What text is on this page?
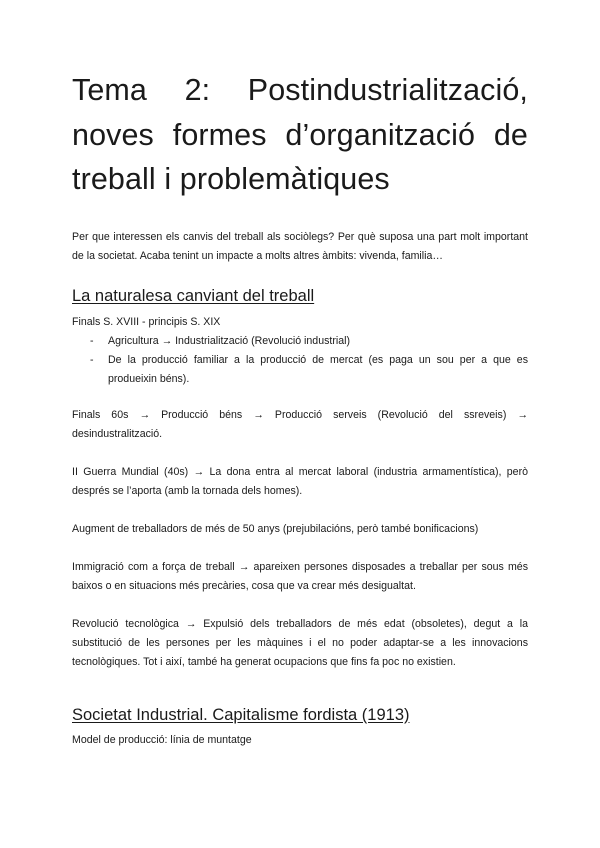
Tema 2: Postindustrialització, noves formes d’organització de treball i problemàtiques

Per que interessen els canvis del treball als sociòlegs? Per què suposa una part molt important de la societat. Acaba tenint un impacte a molts altres àmbits: vivenda, familia…

La naturalesa canviant del treball

Finals S. XVIII - principis S. XIX

- Agricultura → Industrialització (Revolució industrial)
- De la producció familiar a la producció de mercat (es paga un sou per a que es produeixin béns).

Finals 60s → Producció béns → Producció serveis (Revolució del ssreveis) → desindustralització.

II Guerra Mundial (40s) → La dona entra al mercat laboral (industria armamentística), però després se l’aporta (amb la tornada dels homes).

Augment de treballadors de més de 50 anys (prejubilacións, però també bonificacions)

Immigració com a força de treball → apareixen persones disposades a treballar per sous més baixos o en situacions més precàries, cosa que va crear més desigualtat.

Revolució tecnològica → Expulsió dels treballadors de més edat (obsoletes), degut a la substitució de les persones per les màquines i el no poder adaptar-se a les innovacions tecnològiques. Tot i així, també ha generat ocupacions que fins fa poc no existien.

Societat Industrial. Capitalisme fordista (1913)

Model de producció: línia de muntatge
